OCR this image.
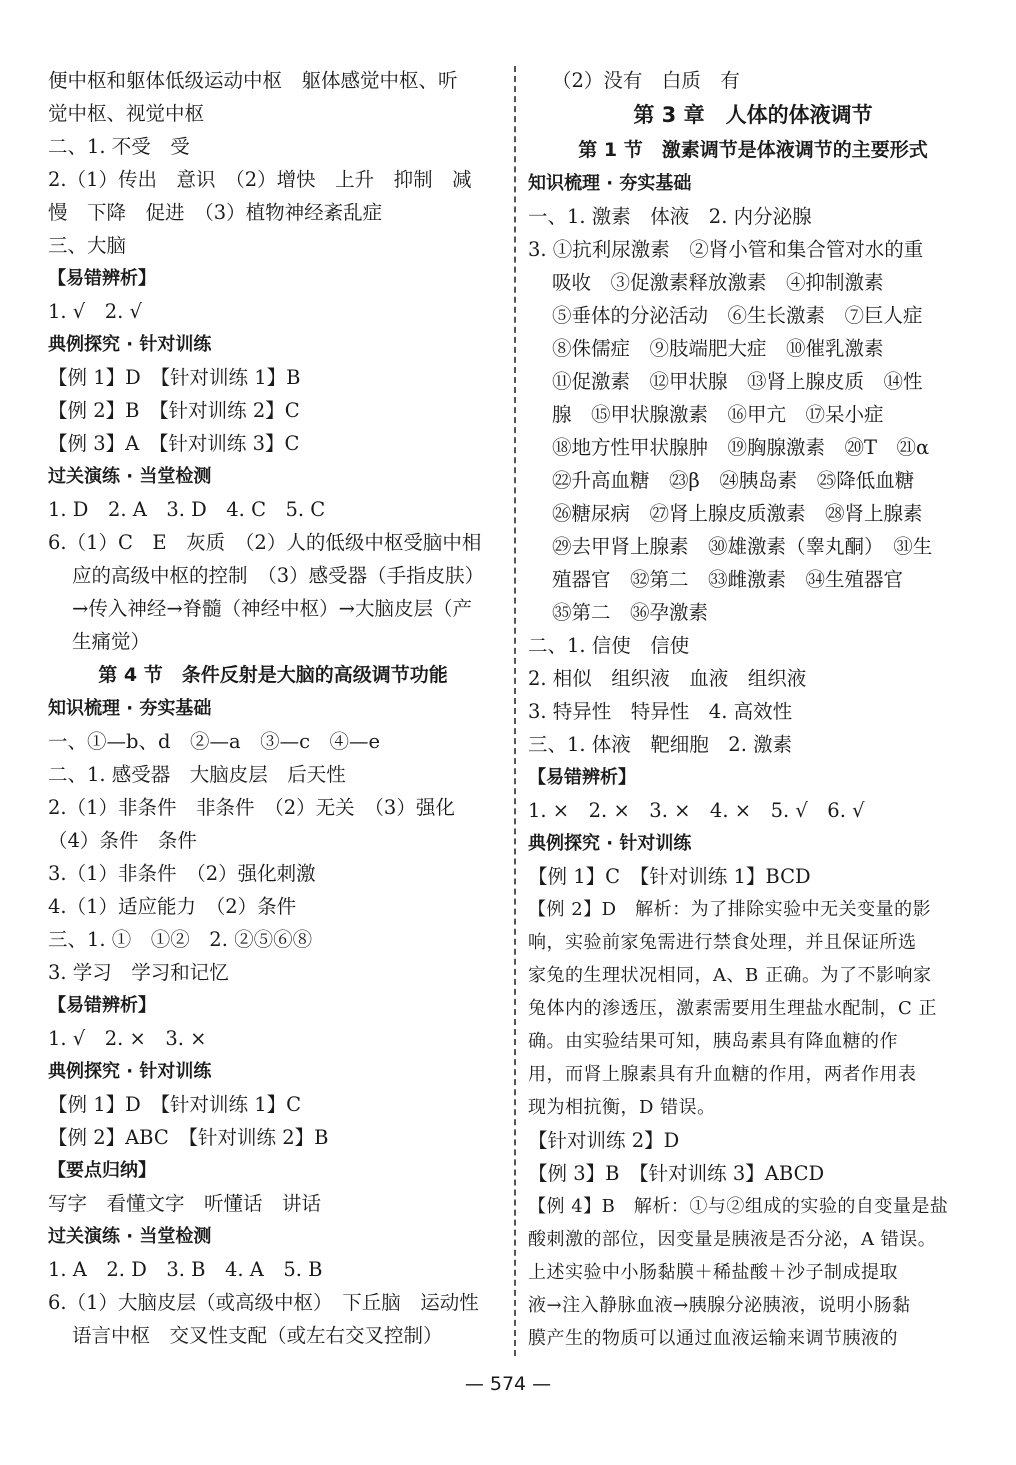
便中枢和躯体低级运动中枢　躯体感觉中枢、听
觉中枢、视觉中枢
二、1. 不受　受
2.（1）传出　意识　（2）增快　上升　抑制　减
慢　下降　促进　（3）植物神经紊乱症
三、大脑
【易错辨析】
1. √　2. √
典例探究 · 针对训练
【例 1】D　【针对训练 1】B
【例 2】B　【针对训练 2】C
【例 3】A　【针对训练 3】C
过关演练 · 当堂检测
1. D　2. A　3. D　4. C　5. C
6.（1）C　E　灰质　（2）人的低级中枢受脑中相
应的高级中枢的控制　（3）感受器（手指皮肤）
→传入神经→脊髓（神经中枢）→大脑皮层（产
生痛觉）
第 4 节　条件反射是大脑的高级调节功能
知识梳理 · 夯实基础
一、①—b、d　②—a　③—c　④—e
二、1. 感受器　大脑皮层　后天性
2.（1）非条件　非条件　（2）无关　（3）强化
（4）条件　条件
3.（1）非条件　（2）强化刺激
4.（1）适应能力　（2）条件
三、1. ①　①②　2. ②⑤⑥⑧
3. 学习　学习和记忆
【易错辨析】
1. √　2. ×　3. ×
典例探究 · 针对训练
【例 1】D　【针对训练 1】C
【例 2】ABC　【针对训练 2】B
【要点归纳】
写字　看懂文字　听懂话　讲话
过关演练 · 当堂检测
1. A　2. D　3. B　4. A　5. B
6.（1）大脑皮层（或高级中枢）　下丘脑　运动性
语言中枢　交叉性支配（或左右交叉控制）
（2）没有　白质　有
第 3 章　人体的体液调节
第 1 节　激素调节是体液调节的主要形式
知识梳理 · 夯实基础
一、1. 激素　体液　2. 内分泌腺
3. ①抗利尿激素　②肾小管和集合管对水的重
吸收　③促激素释放激素　④抑制激素
⑤垂体的分泌活动　⑥生长激素　⑦巨人症
⑧侏儒症　⑨肢端肥大症　⑩催乳激素
⑪促激素　⑫甲状腺　⑬肾上腺皮质　⑭性
腺　⑮甲状腺激素　⑯甲亢　⑰呆小症
⑱地方性甲状腺肿　⑲胸腺激素　⑳T　㉑α
㉒升高血糖　㉓β　㉔胰岛素　㉕降低血糖
㉖糖尿病　㉗肾上腺皮质激素　㉘肾上腺素
㉙去甲肾上腺素　㉚雄激素（睾丸酮）　㉛生
殖器官　㉜第二　㉝雌激素　㉞生殖器官
㉟第二　㊱孕激素
二、1. 信使　信使
2. 相似　组织液　血液　组织液
3. 特异性　特异性　4. 高效性
三、1. 体液　靶细胞　2. 激素
【易错辨析】
1. ×　2. ×　3. ×　4. ×　5. √　6. √
典例探究 · 针对训练
【例 1】C　【针对训练 1】BCD
【例 2】D　解析：为了排除实验中无关变量的影
响，实验前家兔需进行禁食处理，并且保证所选
家兔的生理状况相同，A、B 正确。为了不影响家
兔体内的渗透压，激素需要用生理盐水配制，C 正
确。由实验结果可知，胰岛素具有降血糖的作
用，而肾上腺素具有升血糖的作用，两者作用表
现为相抗衡，D 错误。
【针对训练 2】D
【例 3】B　【针对训练 3】ABCD
【例 4】B　解析：①与②组成的实验的自变量是盐
酸刺激的部位，因变量是胰液是否分泌，A 错误。
上述实验中小肠黏膜＋稀盐酸＋沙子制成提取
液→注入静脉血液→胰腺分泌胰液，说明小肠黏
膜产生的物质可以通过血液运输来调节胰液的
— 574 —
